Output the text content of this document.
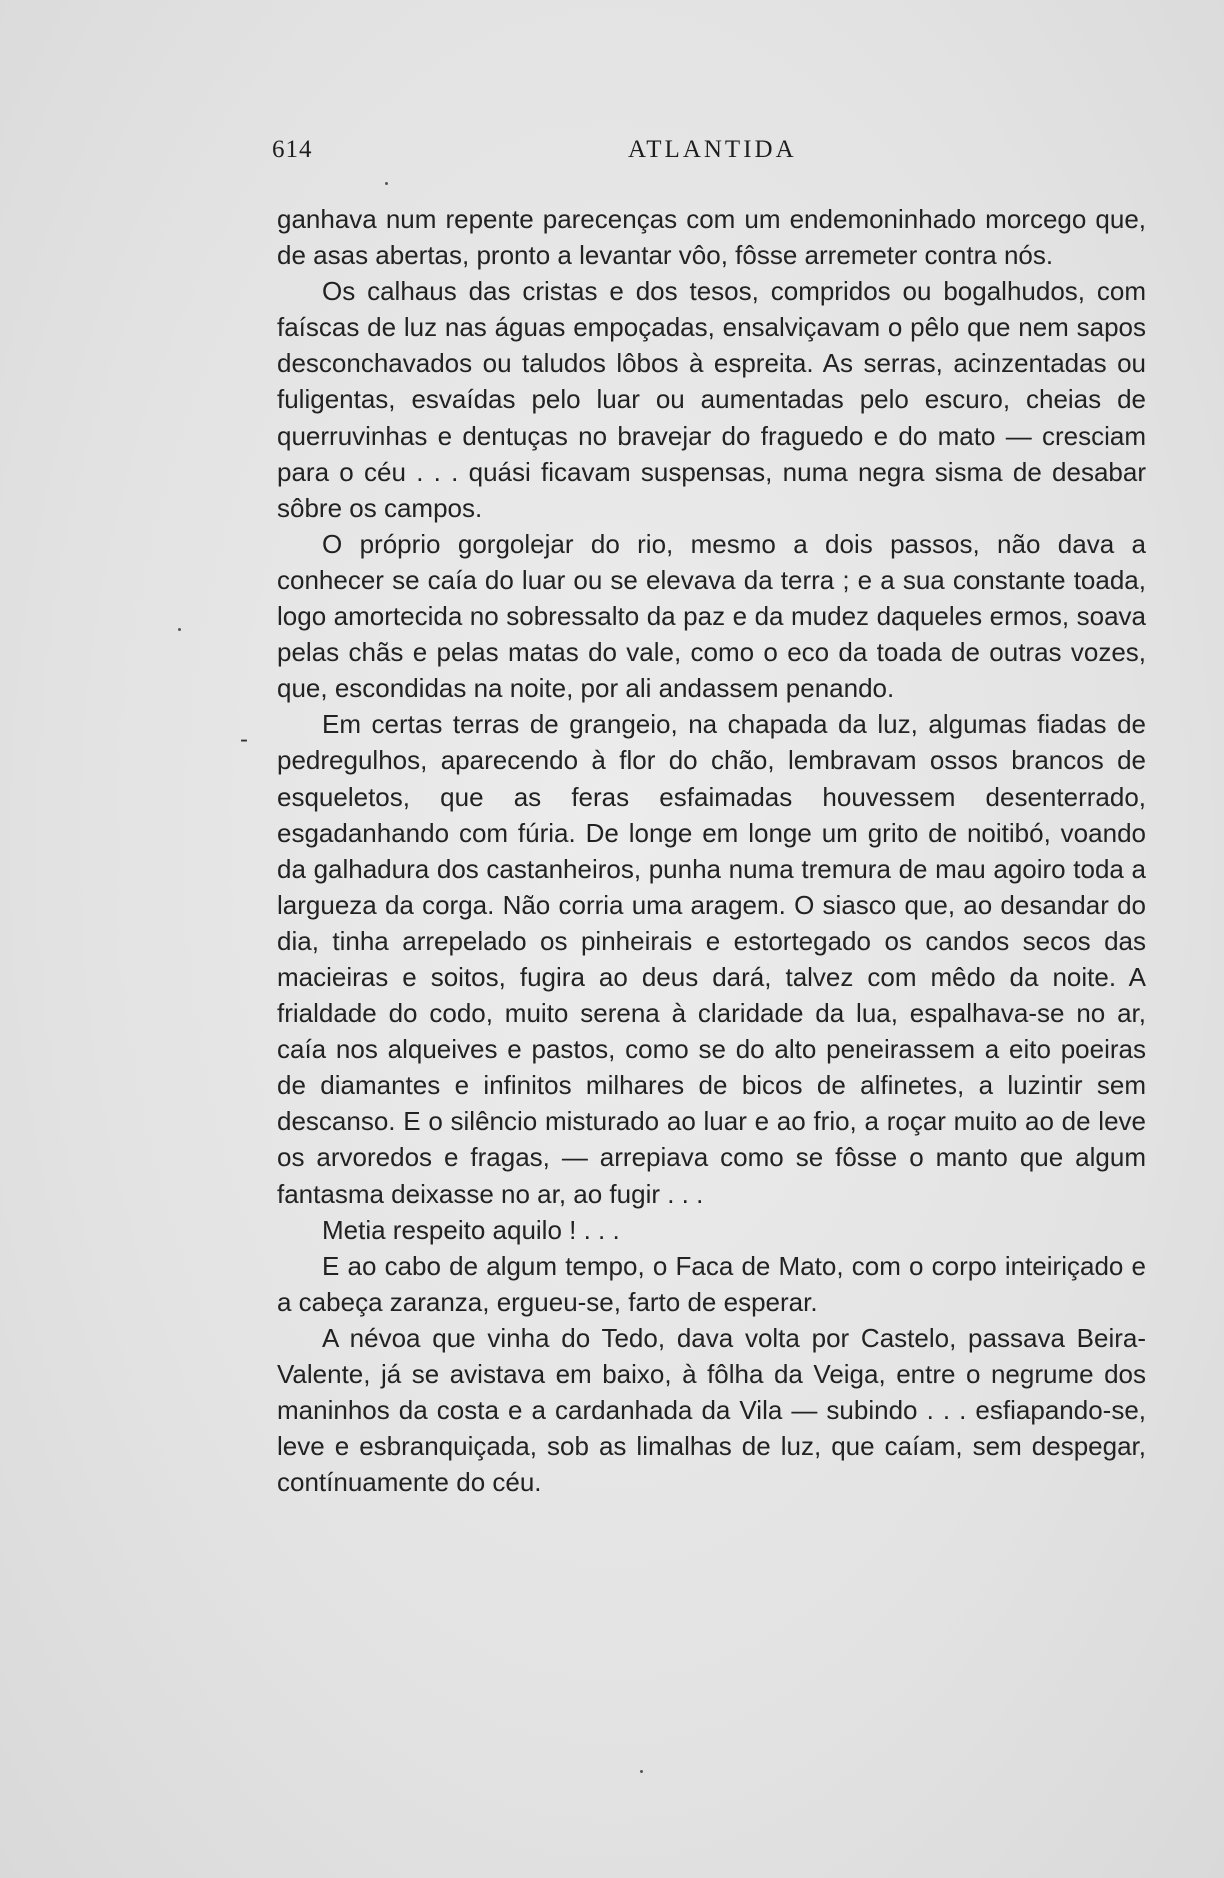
614	ATLANTIDA
-

ganhava num repente parecenças com um endemoninhado morcego que, de asas abertas, pronto a levantar vôo, fôsse arremeter contra nós.

Os calhaus das cristas e dos tesos, compridos ou bogalhudos, com faíscas de luz nas águas empoçadas, ensalviçavam o pêlo que nem sapos desconchavados ou taludos lôbos à espreita. As serras, acinzentadas ou fuligentas, esvaídas pelo luar ou aumentadas pelo escuro, cheias de querruvinhas e dentuças no bravejar do fraguedo e do mato — cresciam para o céu . . . quási ficavam suspensas, numa negra sisma de desabar sôbre os campos.

O próprio gorgolejar do rio, mesmo a dois passos, não dava a conhecer se caía do luar ou se elevava da terra ; e a sua constante toada, logo amortecida no sobressalto da paz e da mudez daqueles ermos, soava pelas chãs e pelas matas do vale, como o eco da toada de outras vozes, que, escondidas na noite, por ali andassem penando.

Em certas terras de grangeio, na chapada da luz, algumas fiadas de pedregulhos, aparecendo à flor do chão, lembravam ossos brancos de esqueletos, que as feras esfaimadas houvessem desenterrado, esgadanhando com fúria. De longe em longe um grito de noitibó, voando da galhadura dos castanheiros, punha numa tremura de mau agoiro toda a largueza da corga. Não corria uma aragem. O siasco que, ao desandar do dia, tinha arrepelado os pinheirais e estortegado os candos secos das macieiras e soitos, fugira ao deus dará, talvez com mêdo da noite. A frialdade do codo, muito serena à claridade da lua, espalhava-se no ar, caía nos alqueives e pastos, como se do alto peneirassem a eito poeiras de diamantes e infinitos milhares de bicos de alfinetes, a luzintir sem descanso. E o silêncio misturado ao luar e ao frio, a roçar muito ao de leve os arvoredos e fragas, — arrepiava como se fôsse o manto que algum fantasma deixasse no ar, ao fugir . . .

Metia respeito aquilo ! . . .

E ao cabo de algum tempo, o Faca de Mato, com o corpo inteiriçado e a cabeça zaranza, ergueu-se, farto de esperar.

A névoa que vinha do Tedo, dava volta por Castelo, passava Beira-Valente, já se avistava em baixo, à fôlha da Veiga, entre o negrume dos maninhos da costa e a cardanhada da Vila — subindo . . . esfiapando-se, leve e esbranquiçada, sob as limalhas de luz, que caíam, sem despegar, contínuamente do céu.
